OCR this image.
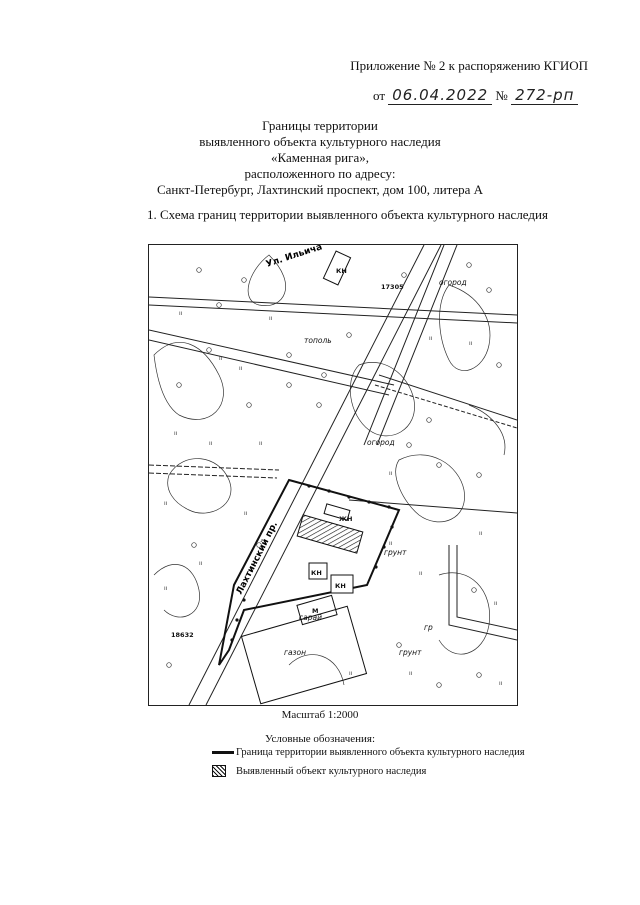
Приложение № 2 к распоряжению КГИОП
от 06.04.2022 № 272-рп
Границы территории
выявленного объекта культурного наследия
«Каменная рига»,
расположенного по адресу:
Санкт-Петербург, Лахтинский проспект, дом 100, литера А
1. Схема границ территории выявленного объекта культурного наследия
Ул. Ильича
Лахтинский пр.
ıı
ıı
ıı
ıı
ıı
ıı	ıı
ıı
ıı
ıı
ıı
ıı
ıı
ıı
ıı
ıı	ıı
ıı
ıı
ıı
ıı
огород
огород
тополь
грунт
грунт
газон
сарай
гр
КН
КН
КН
ЖН
М
17305
18632
Масштаб 1:2000
Условные обозначения:
Граница территории выявленного объекта культурного наследия
Выявленный объект культурного наследия
